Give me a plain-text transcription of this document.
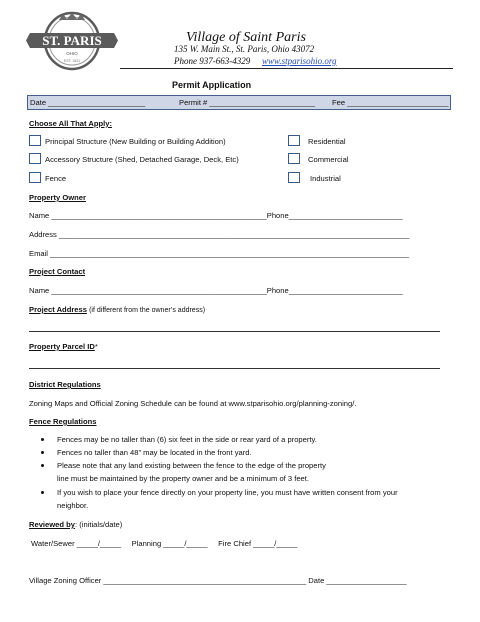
ST. PARIS
OHIO
EST. 1831
Village of Saint Paris
135 W. Main St., St. Paris, Ohio 43072
Phone 937-663-4329 www.stparisohio.org
Permit Application
Date _______________________	Permit # _________________________ Fee ________________________
Choose All That Apply:
Principal Structure (New Building or Building Addition)	Residential
Accessory Structure (Shed, Detached Garage, Deck, Etc)	Commercial
Fence	Industrial
Property Owner
Name ___________________________________________________Phone___________________________
Address ___________________________________________________________________________________
Email _____________________________________________________________________________________
Project Contact
Name ___________________________________________________Phone___________________________
Project Address (if different from the owner’s address)
Property Parcel ID*
District Regulations
Zoning Maps and Official Zoning Schedule can be found at www.stparisohio.org/planning-zoning/.
Fence Regulations
Fences may be no taller than (6) six feet in the side or rear yard of a property.
Fences no taller than 48” may be located in the front yard.
Please note that any land existing between the fence to the edge of the property
line must be maintained by the property owner and be a minimum of 3 feet.
If you wish to place your fence directly on your property line, you must have written consent from your
neighbor.
Reviewed by: (initials/date)
Water/Sewer _____/_____     Planning _____/_____     Fire Chief _____/_____
Village Zoning Officer ________________________________________________ Date ___________________
